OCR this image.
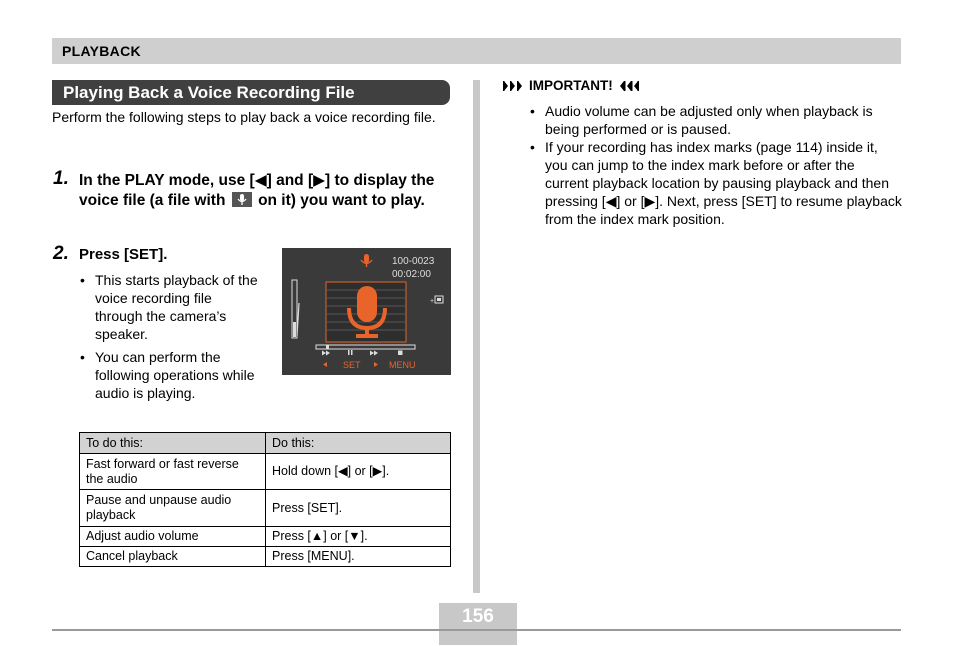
PLAYBACK
Playing Back a Voice Recording File
Perform the following steps to play back a voice recording file.
1. In the PLAY mode, use [◀] and [▶] to display the voice file (a file with on it) you want to play.
2. Press [SET].
• This starts playback of the voice recording file through the camera’s speaker.
• You can perform the following operations while audio is playing.
100-0023
00:02:00
+
SET	MENU
To do this:	Do this:
Fast forward or fast reverse the audio	Hold down [◀] or [▶].
Pause and unpause audio playback	Press [SET].
Adjust audio volume	Press [▲] or [▼].
Cancel playback	Press [MENU].
IMPORTANT!
• Audio volume can be adjusted only when playback is being performed or is paused.
• If your recording has index marks (page 114) inside it, you can jump to the index mark before or after the current playback location by pausing playback and then pressing [◀] or [▶]. Next, press [SET] to resume playback from the index mark position.
156
